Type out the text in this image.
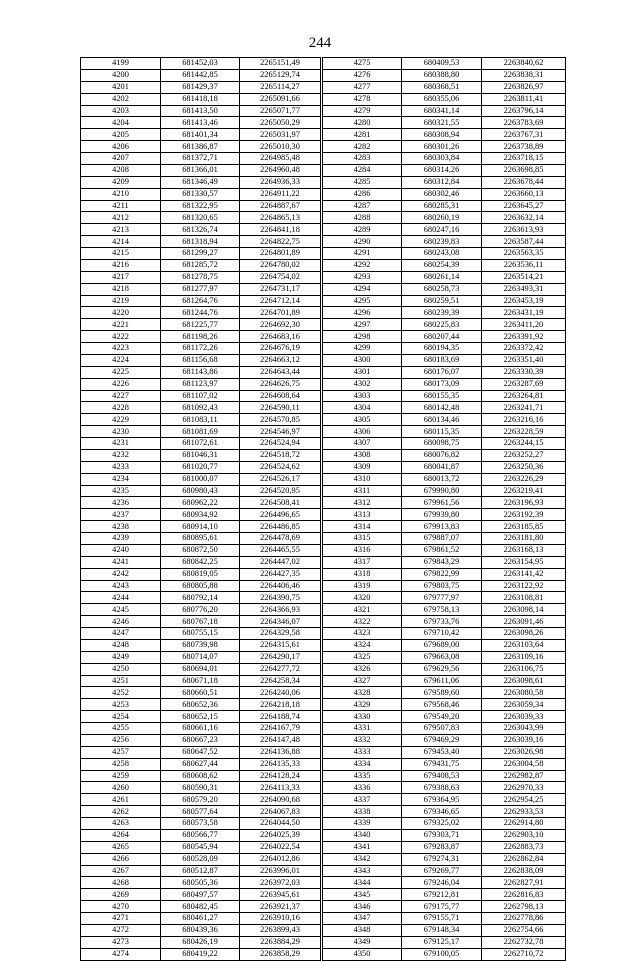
244
4199	681452,03	2265151,49
4200	681442,85	2265129,74
4201	681429,37	2265114,27
4202	681418,18	2265091,66
4203	681413,50	2265071,77
4204	681413,46	2265050,29
4205	681401,34	2265031,97
4206	681386,87	2265010,30
4207	681372,71	2264985,48
4208	681366,01	2264960,48
4209	681346,49	2264936,33
4210	681330,57	2264911,22
4211	681322,95	2264887,67
4212	681320,65	2264865,13
4213	681326,74	2264841,18
4214	681318,94	2264822,75
4215	681299,27	2264801,89
4216	681285,72	2264780,02
4217	681278,75	2264754,02
4218	681277,97	2264731,17
4219	681264,76	2264712,14
4220	681244,76	2264701,89
4221	681225,77	2264692,30
4222	681198,26	2264683,16
4223	681172,26	2264676,19
4224	681156,68	2264663,12
4225	681143,86	2264643,44
4226	681123,97	2264626,75
4227	681107,02	2264608,64
4228	681092,43	2264590,11
4229	681083,11	2264570,85
4230	681081,69	2264546,97
4231	681072,61	2264524,94
4232	681046,31	2264518,72
4233	681020,77	2264524,62
4234	681000,07	2264526,17
4235	680980,43	2264520,95
4236	680962,22	2264508,41
4237	680934,92	2264496,65
4238	680914,10	2264486,85
4239	680895,61	2264478,69
4240	680872,50	2264465,55
4241	680842,25	2264447,02
4242	680819,05	2264427,35
4243	680805,88	2264406,46
4244	680792,14	2264390,75
4245	680776,20	2264366,93
4246	680767,18	2264346,07
4247	680755,15	2264329,58
4248	680739,98	2264315,61
4249	680714,07	2264290,17
4250	680694,01	2264277,72
4251	680671,18	2264258,34
4252	680660,51	2264240,06
4253	680652,36	2264218,18
4254	680652,15	2264188,74
4255	680661,16	2264167,79
4256	680667,23	2264147,48
4257	680647,52	2264136,88
4258	680627,44	2264135,33
4259	680608,62	2264128,24
4260	680590,31	2264113,33
4261	680579,20	2264090,68
4262	680577,64	2264067,83
4263	680573,58	2264044,50
4264	680566,77	2264025,39
4265	680545,94	2264022,54
4266	680528,09	2264012,86
4267	680512,87	2263996,01
4268	680505,36	2263972,03
4269	680497,57	2263945,61
4270	680482,45	2263921,37
4271	680461,27	2263910,16
4272	680439,36	2263899,43
4273	680426,19	2263884,29
4274	680419,22	2263858,29
4275	680409,53	2263840,62
4276	680388,80	2263838,31
4277	680368,51	2263826,97
4278	680355,06	2263811,41
4279	680341,14	2263796,14
4280	680321,55	2263783,69
4281	680308,94	2263767,31
4282	680301,26	2263738,89
4283	680303,84	2263718,15
4284	680314,26	2263698,85
4285	680312,84	2263678,44
4286	680302,46	2263660,13
4287	680285,31	2263645,27
4288	680260,19	2263632,14
4289	680247,16	2263613,93
4290	680239,83	2263587,44
4291	680243,08	2263563,35
4292	680254,39	2263536,11
4293	680261,14	2263514,21
4294	680258,73	2263493,31
4295	680259,51	2263453,19
4296	680239,39	2263431,19
4297	680225,83	2263411,20
4298	680207,44	2263391,92
4299	680194,35	2263372,42
4300	680183,69	2263351,40
4301	680176,07	2263330,39
4302	680173,09	2263287,69
4303	680155,35	2263264,81
4304	680142,48	2263241,71
4305	680134,46	2263216,16
4306	680115,35	2263228,59
4307	680098,75	2263244,15
4308	680076,82	2263252,27
4309	680041,87	2263250,36
4310	680013,72	2263226,29
4311	679990,80	2263219,41
4312	679961,56	2263196,93
4313	679939,80	2263192,39
4314	679913,83	2263185,85
4315	679887,07	2263181,80
4316	679861,52	2263168,13
4317	679843,29	2263154,95
4318	679822,99	2263141,42
4319	679803,75	2263122,92
4320	679777,97	2263108,81
4321	679758,13	2263098,14
4322	679733,76	2263091,46
4323	679710,42	2263098,26
4324	679689,00	2263103,64
4325	679663,08	2263109,16
4326	679629,56	2263106,75
4327	679611,06	2263098,61
4328	679589,60	2263080,58
4329	679568,46	2263059,34
4330	679549,20	2263039,33
4331	679507,83	2263043,99
4332	679469,29	2263039,16
4333	679453,40	2263026,98
4334	679431,75	2263004,58
4335	679408,53	2262982,87
4336	679388,63	2262970,33
4337	679364,95	2262954,25
4338	679346,65	2262933,53
4339	679325,02	2262914,80
4340	679303,71	2262903,10
4341	679283,87	2262883,73
4342	679274,31	2262862,84
4343	679269,77	2262838,09
4344	679246,04	2262827,91
4345	679212,81	2262816,83
4346	679175,77	2262798,13
4347	679155,71	2262778,86
4348	679148,34	2262754,66
4349	679125,17	2262732,78
4350	679100,05	2262710,72
